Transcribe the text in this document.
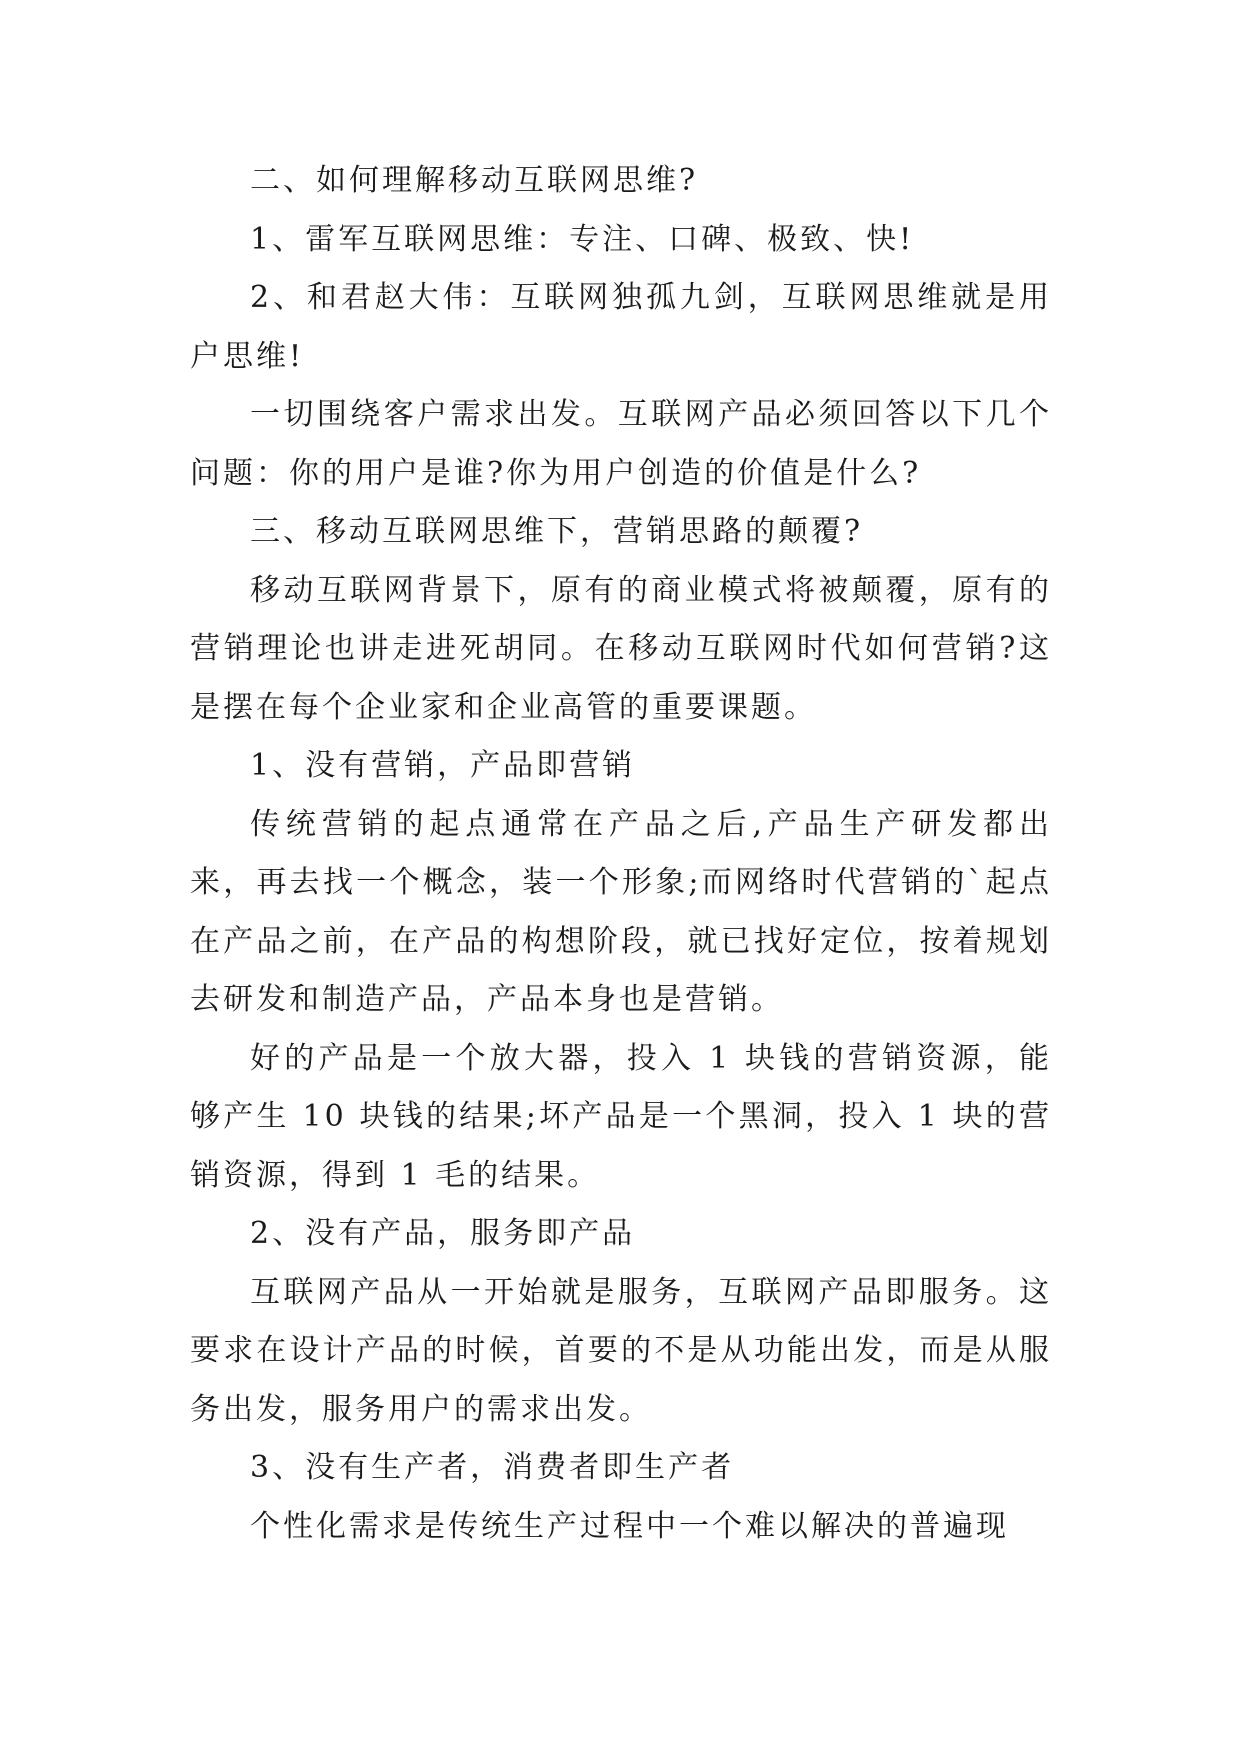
二、如何理解移动互联网思维?

1、雷军互联网思维：专注、口碑、极致、快!

2、和君赵大伟：互联网独孤九剑，互联网思维就是用户思维!

一切围绕客户需求出发。互联网产品必须回答以下几个问题：你的用户是谁?你为用户创造的价值是什么?

三、移动互联网思维下，营销思路的颠覆?

移动互联网背景下，原有的商业模式将被颠覆，原有的营销理论也讲走进死胡同。在移动互联网时代如何营销?这是摆在每个企业家和企业高管的重要课题。

1、没有营销，产品即营销

传统营销的起点通常在产品之后,产品生产研发都出来，再去找一个概念，装一个形象;而网络时代营销的`起点在产品之前，在产品的构想阶段，就已找好定位，按着规划去研发和制造产品，产品本身也是营销。

好的产品是一个放大器，投入 1 块钱的营销资源，能够产生 10 块钱的结果;坏产品是一个黑洞，投入 1 块的营销资源，得到 1 毛的结果。

2、没有产品，服务即产品

互联网产品从一开始就是服务，互联网产品即服务。这要求在设计产品的时候，首要的不是从功能出发，而是从服务出发，服务用户的需求出发。

3、没有生产者，消费者即生产者

个性化需求是传统生产过程中一个难以解决的普遍现
